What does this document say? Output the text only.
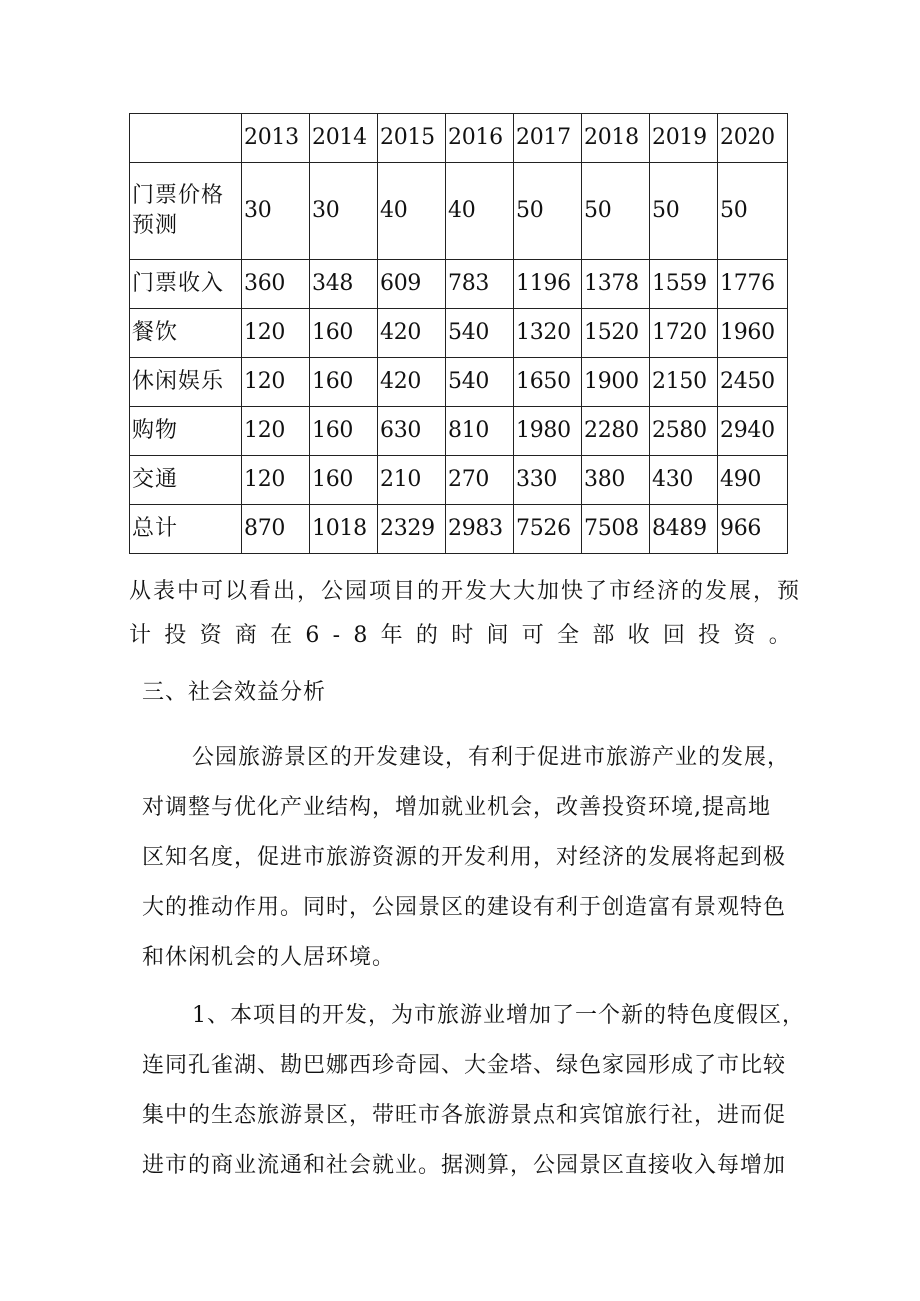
	2013	2014	2015	2016	2017	2018	2019	2020
门票价格预测	30	30	40	40	50	50	50	50
门票收入	360	348	609	783	1196	1378	1559	1776
餐饮	120	160	420	540	1320	1520	1720	1960
休闲娱乐	120	160	420	540	1650	1900	2150	2450
购物	120	160	630	810	1980	2280	2580	2940
交通	120	160	210	270	330	380	430	490
总计	870	1018	2329	2983	7526	7508	8489	966
从表中可以看出，公园项目的开发大大加快了市经济的发展，预
计 投 资 商 在 6 - 8 年 的 时 间 可 全 部 收 回 投 资 。
三、社会效益分析
公园旅游景区的开发建设，有利于促进市旅游产业的发展，
对调整与优化产业结构，增加就业机会，改善投资环境,提高地
区知名度，促进市旅游资源的开发利用，对经济的发展将起到极
大的推动作用。同时，公园景区的建设有利于创造富有景观特色
和休闲机会的人居环境。
1、本项目的开发，为市旅游业增加了一个新的特色度假区，
连同孔雀湖、勘巴娜西珍奇园、大金塔、绿色家园形成了市比较
集中的生态旅游景区，带旺市各旅游景点和宾馆旅行社，进而促
进市的商业流通和社会就业。据测算，公园景区直接收入每增加
